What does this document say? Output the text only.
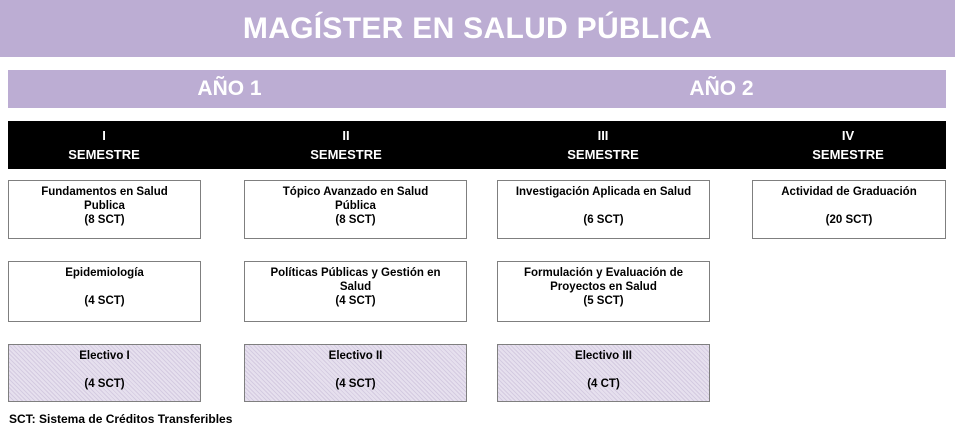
MAGÍSTER EN SALUD PÚBLICA
AÑO 1	AÑO 2
I
SEMESTRE
II
SEMESTRE
III
SEMESTRE
IV
SEMESTRE
Fundamentos en Salud
Publica
(8 SCT)
Epidemiología
(4 SCT)
Electivo I
(4 SCT)
Tópico Avanzado en Salud
Pública
(8 SCT)
Políticas Públicas y Gestión en
Salud
(4 SCT)
Electivo II
(4 SCT)
Investigación Aplicada en Salud
(6 SCT)
Formulación y Evaluación de
Proyectos en Salud
(5 SCT)
Electivo III
(4 CT)
Actividad de Graduación
(20 SCT)
SCT: Sistema de Créditos Transferibles
